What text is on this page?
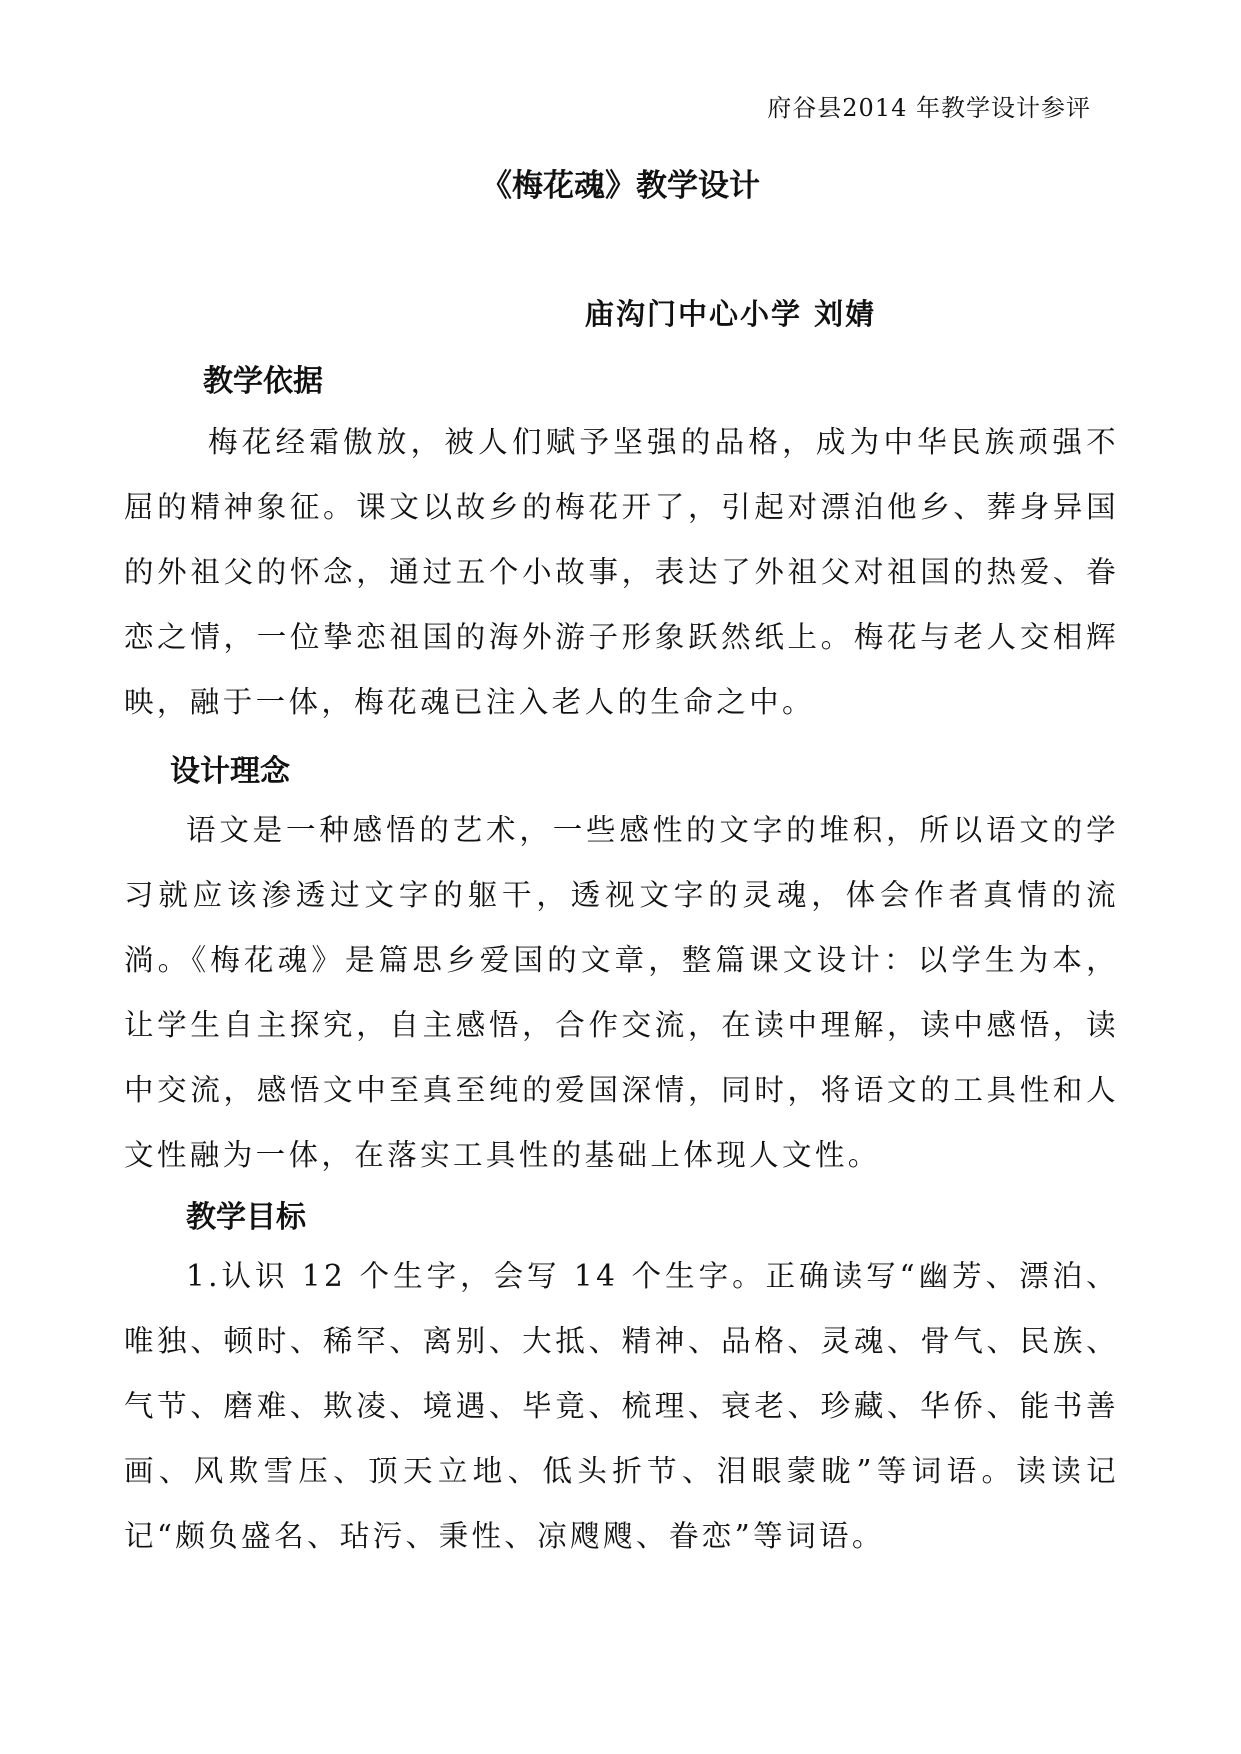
府谷县2014 年教学设计参评
《梅花魂》教学设计
庙沟门中心小学 刘婧
教学依据

梅花经霜傲放，被人们赋予坚强的品格，成为中华民族顽强不屈的精神象征。课文以故乡的梅花开了，引起对漂泊他乡、葬身异国的外祖父的怀念，通过五个小故事，表达了外祖父对祖国的热爱、眷恋之情，一位挚恋祖国的海外游子形象跃然纸上。梅花与老人交相辉映，融于一体，梅花魂已注入老人的生命之中。

设计理念

语文是一种感悟的艺术，一些感性的文字的堆积，所以语文的学习就应该渗透过文字的躯干，透视文字的灵魂，体会作者真情的流淌。《梅花魂》是篇思乡爱国的文章，整篇课文设计：以学生为本，让学生自主探究，自主感悟，合作交流，在读中理解，读中感悟，读中交流，感悟文中至真至纯的爱国深情，同时，将语文的工具性和人文性融为一体，在落实工具性的基础上体现人文性。

教学目标

1.认识 12 个生字，会写 14 个生字。正确读写“幽芳、漂泊、唯独、顿时、稀罕、离别、大抵、精神、品格、灵魂、骨气、民族、气节、磨难、欺凌、境遇、毕竟、梳理、衰老、珍藏、华侨、能书善画、风欺雪压、顶天立地、低头折节、泪眼蒙眬”等词语。读读记记“颇负盛名、玷污、秉性、凉飕飕、眷恋”等词语。
